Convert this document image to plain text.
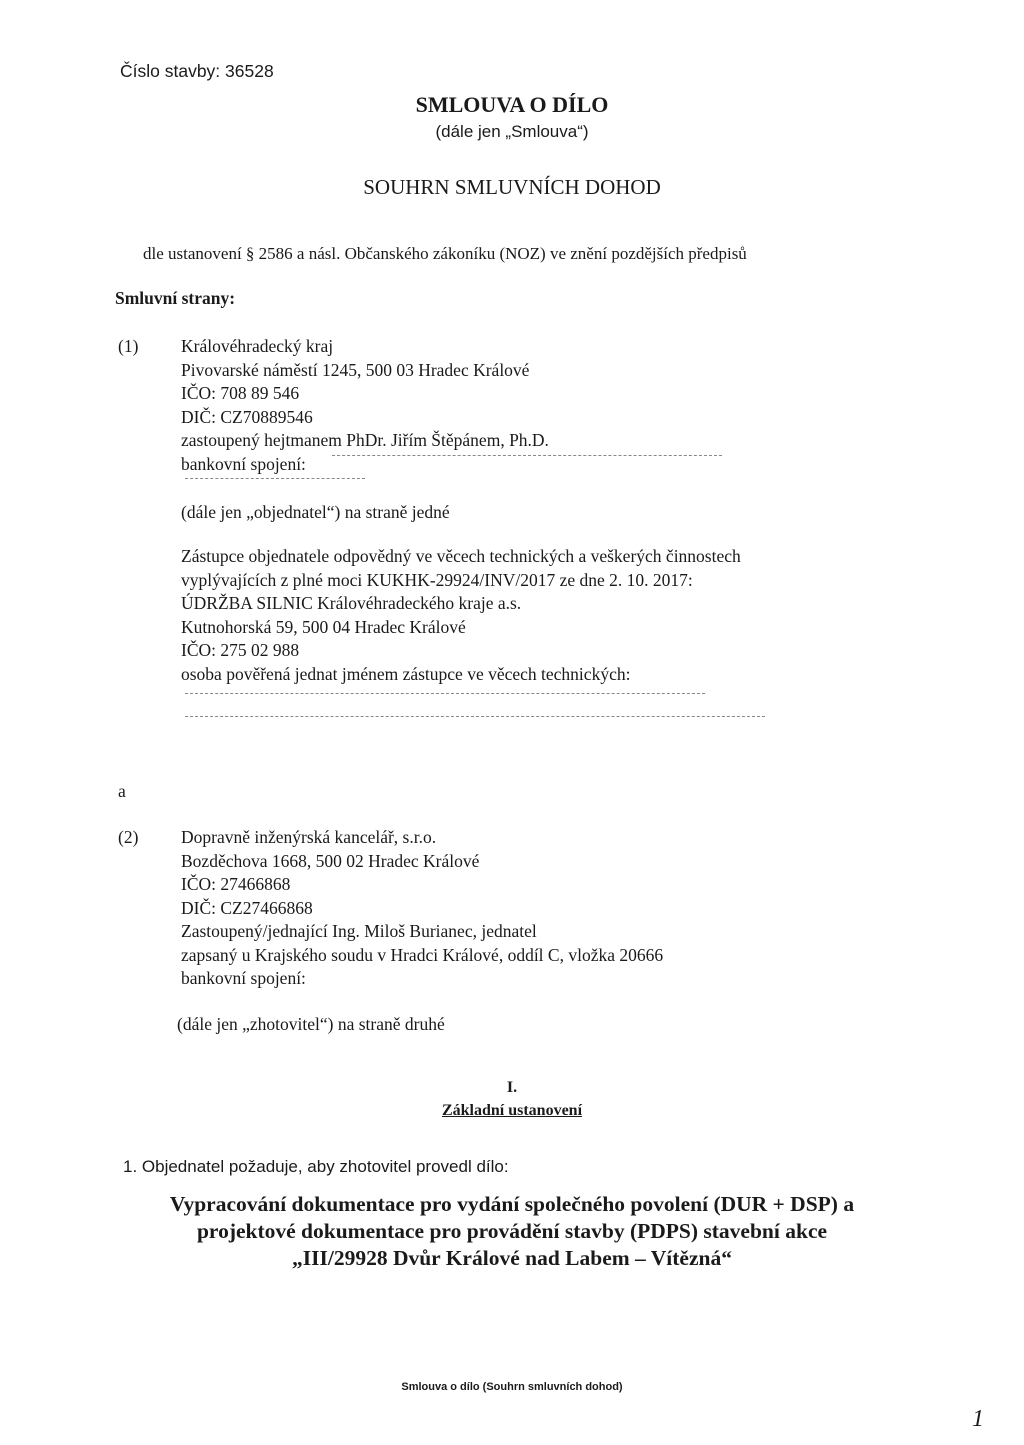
Číslo stavby: 36528
SMLOUVA O DÍLO
(dále jen „Smlouva“)
SOUHRN SMLUVNÍCH DOHOD
dle ustanovení § 2586 a násl. Občanského zákoníku (NOZ) ve znění pozdějších předpisů
Smluvní strany:
(1) Královéhradecký kraj
Pivovarské náměstí 1245, 500 03 Hradec Králové
IČO: 708 89 546
DIČ: CZ70889546
zastoupený hejtmanem PhDr. Jiřím Štěpánem, Ph.D.
bankovní spojení:
(dále jen „objednatel“) na straně jedné
Zástupce objednatele odpovědný ve věcech technických a veškerých činnostech
vyplývajících z plné moci KUKHK-29924/INV/2017 ze dne 2. 10. 2017:
ÚDRŽBA SILNIC Královéhradeckého kraje a.s.
Kutnohorská 59, 500 04 Hradec Králové
IČO: 275 02 988
osoba pověřená jednat jménem zástupce ve věcech technických:
a
(2) Dopravně inženýrská kancelář, s.r.o.
Bozděchova 1668, 500 02 Hradec Králové
IČO: 27466868
DIČ: CZ27466868
Zastoupený/jednající Ing. Miloš Burianec, jednatel
zapsaný u Krajského soudu v Hradci Králové, oddíl C, vložka 20666
bankovní spojení:
(dále jen „zhotovitel“) na straně druhé
I.
Základní ustanovení
1. Objednatel požaduje, aby zhotovitel provedl dílo:
Vypracování dokumentace pro vydání společného povolení (DUR + DSP) a
projektové dokumentace pro provádění stavby (PDPS) stavební akce
„III/29928 Dvůr Králové nad Labem – Vítězná“
Smlouva o dílo (Souhrn smluvních dohod)
1
